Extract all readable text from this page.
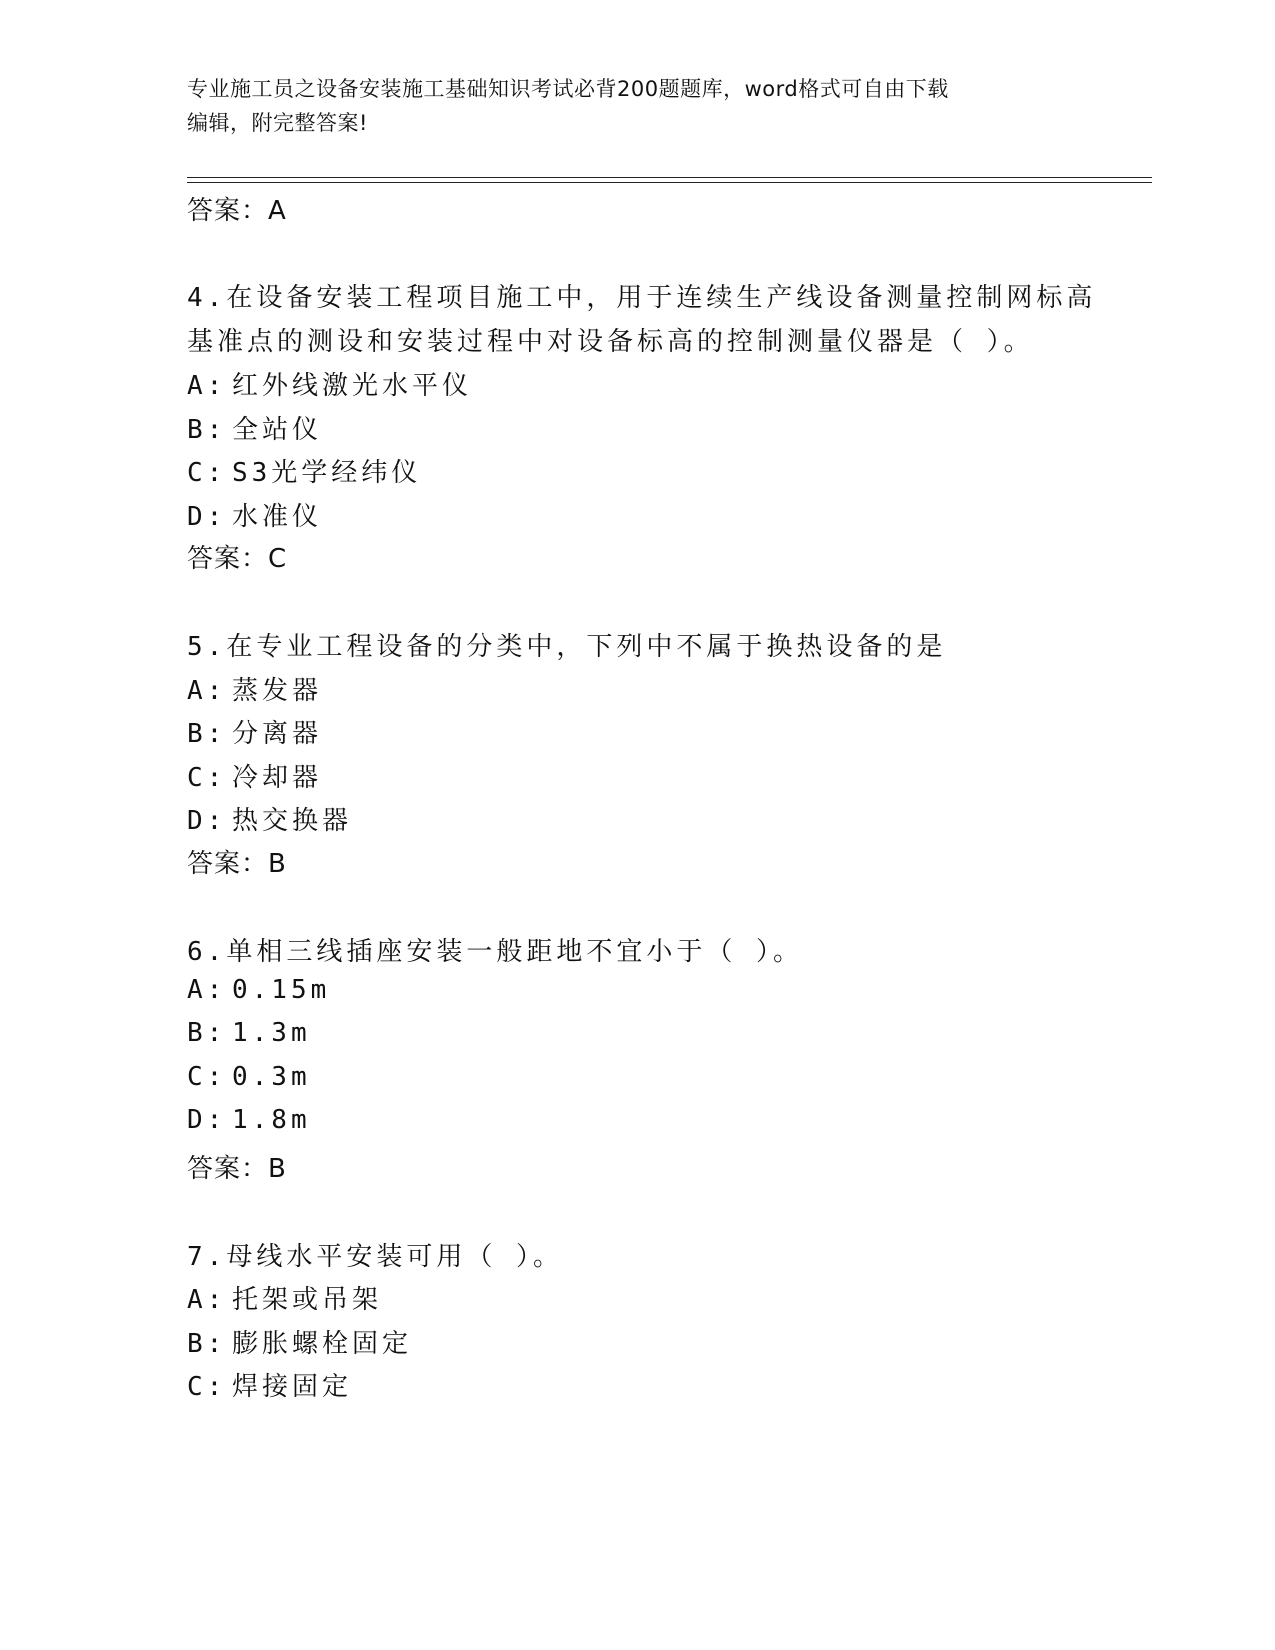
专业施工员之设备安装施工基础知识考试必背200题题库，word格式可自由下载
编辑，附完整答案!
答案：A
4.在设备安装工程项目施工中，用于连续生产线设备测量控制网标高
基准点的测设和安装过程中对设备标高的控制测量仪器是（ ）。
A: 红外线激光水平仪
B: 全站仪
C: S3光学经纬仪
D: 水准仪
答案：C
5.在专业工程设备的分类中，下列中不属于换热设备的是
A: 蒸发器
B: 分离器
C: 冷却器
D: 热交换器
答案：B
6.单相三线插座安装一般距地不宜小于（ ）。
A: 0.15m
B: 1.3m
C: 0.3m
D: 1.8m
答案：B
7.母线水平安装可用（ ）。
A: 托架或吊架
B: 膨胀螺栓固定
C: 焊接固定
